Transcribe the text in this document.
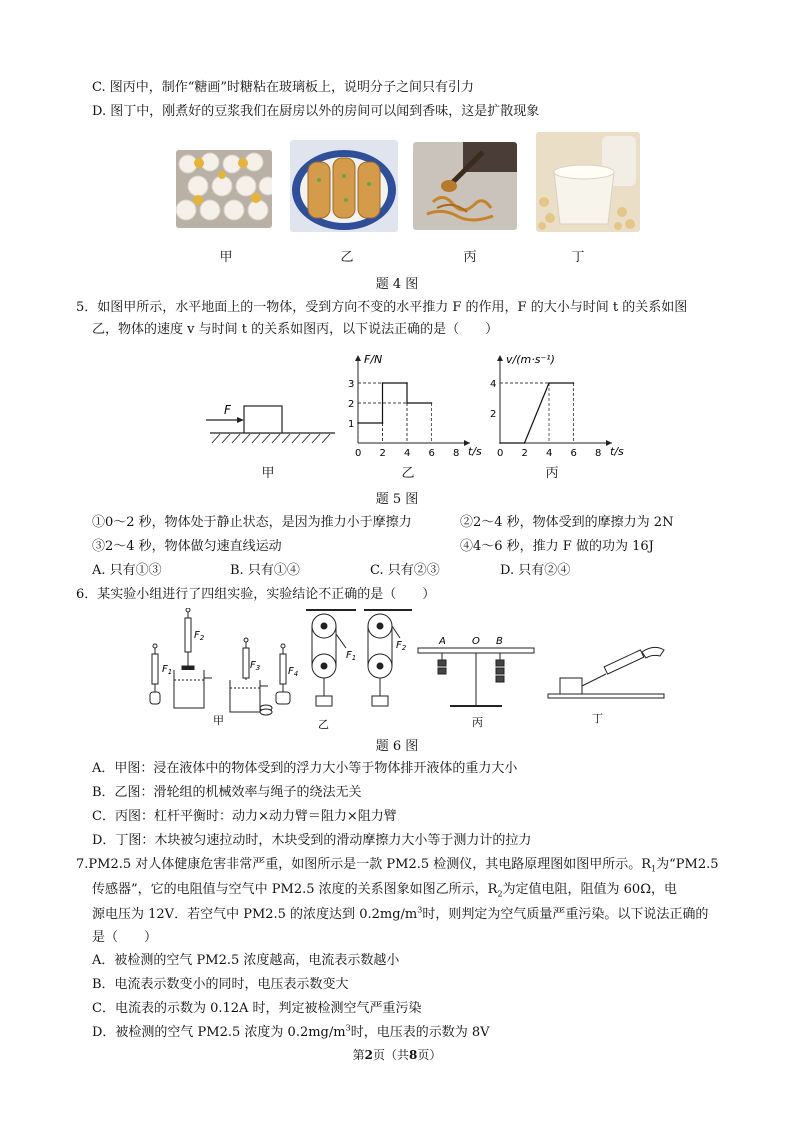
C. 图丙中，制作“糖画”时糖粘在玻璃板上，说明分子之间只有引力
D. 图丁中，刚煮好的豆浆我们在厨房以外的房间可以闻到香味，这是扩散现象
甲	乙	丙	丁
题 4 图
5．如图甲所示，水平地面上的一物体，受到方向不变的水平推力 F 的作用，F 的大小与时间 t 的关系如图
乙，物体的速度 v 与时间 t 的关系如图丙，以下说法正确的是（　　）
F
甲
F/N
t/s
0 2 4 6 8
1
2
3
乙
v/(m·s⁻¹)
t/s
0 2 4 6 8
2
4
丙
题 5 图
①0～2 秒，物体处于静止状态，是因为推力小于摩擦力	②2～4 秒，物体受到的摩擦力为 2N
③2～4 秒，物体做匀速直线运动	④4～6 秒，推力 F 做的功为 16J
A. 只有①③	B. 只有①④	C. 只有②③	D. 只有②④
6．某实验小组进行了四组实验，实验结论不正确的是（　　）
$F_1$
$F_2$
$F_3$	$F_4$
甲
$F_1$
$F_2$
乙
A	O B
丙	丁
题 6 图
A．甲图：浸在液体中的物体受到的浮力大小等于物体排开液体的重力大小
B．乙图：滑轮组的机械效率与绳子的绕法无关
C．丙图：杠杆平衡时：动力×动力臂＝阻力×阻力臂
D．丁图：木块被匀速拉动时，木块受到的滑动摩擦力大小等于测力计的拉力
7.PM2.5 对人体健康危害非常严重，如图所示是一款 PM2.5 检测仪，其电路原理图如图甲所示。$R_1$为“PM2.5
传感器”，它的电阻值与空气中 PM2.5 浓度的关系图象如图乙所示，$R_2$为定值电阻，阻值为 60Ω，电
源电压为 12V．若空气中 PM2.5 的浓度达到 $0.2mg/m^3$时，则判定为空气质量严重污染。以下说法正确的
是（　　）
A．被检测的空气 PM2.5 浓度越高，电流表示数越小
B．电流表示数变小的同时，电压表示数变大
C．电流表的示数为 0.12A 时，判定被检测空气严重污染
D．被检测的空气 PM2.5 浓度为 $0.2mg/m^3$时，电压表的示数为 8V
第2页（共8页）
